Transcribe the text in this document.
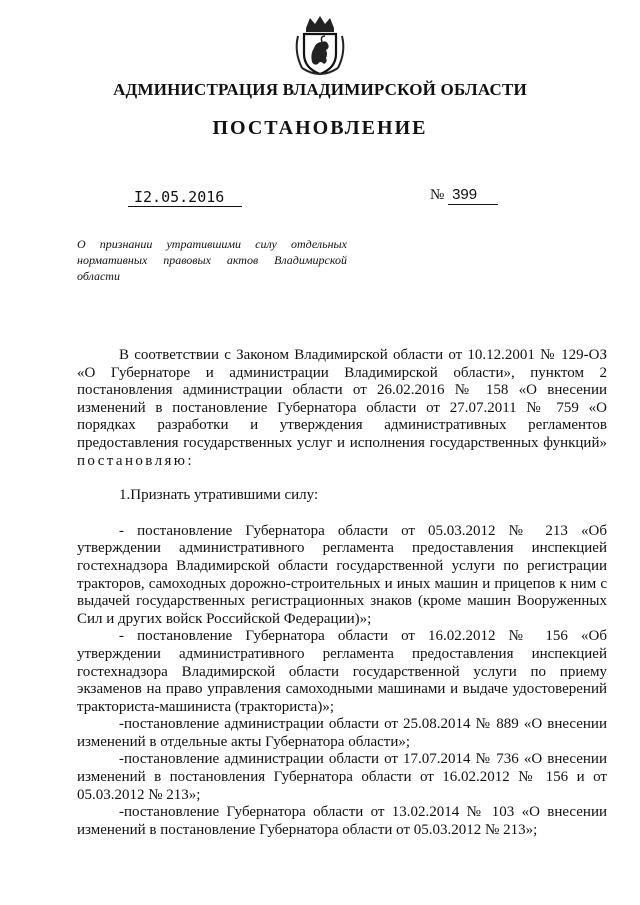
АДМИНИСТРАЦИЯ ВЛАДИМИРСКОЙ ОБЛАСТИ
ПОСТАНОВЛЕНИЕ
I2.05.2016	№ 399
О признании утратившими силу отдельных нормативных правовых актов Владимирской области

В соответствии с Законом Владимирской области от 10.12.2001 № 129-ОЗ «О Губернаторе и администрации Владимирской области», пунктом 2 постановления администрации области от 26.02.2016 № 158 «О внесении изменений в постановление Губернатора области от 27.07.2011 № 759 «О порядках разработки и утверждения административных регламентов предоставления государственных услуг и исполнения государственных функций» постановляю:

1.Признать утратившими силу:

- постановление Губернатора области от 05.03.2012 № 213 «Об утверждении административного регламента предоставления инспекцией гостехнадзора Владимирской области государственной услуги по регистрации тракторов, самоходных дорожно-строительных и иных машин и прицепов к ним с выдачей государственных регистрационных знаков (кроме машин Вооруженных Сил и других войск Российской Федерации)»;

- постановление Губернатора области от 16.02.2012 № 156 «Об утверждении административного регламента предоставления инспекцией гостехнадзора Владимирской области государственной услуги по приему экзаменов на право управления самоходными машинами и выдаче удостоверений тракториста-машиниста (тракториста)»;

-постановление администрации области от 25.08.2014 № 889 «О внесении изменений в отдельные акты Губернатора области»;

-постановление администрации области от 17.07.2014 № 736 «О внесении изменений в постановления Губернатора области от 16.02.2012 № 156 и от 05.03.2012 № 213»;

-постановление Губернатора области от 13.02.2014 № 103 «О внесении изменений в постановление Губернатора области от 05.03.2012 № 213»;
